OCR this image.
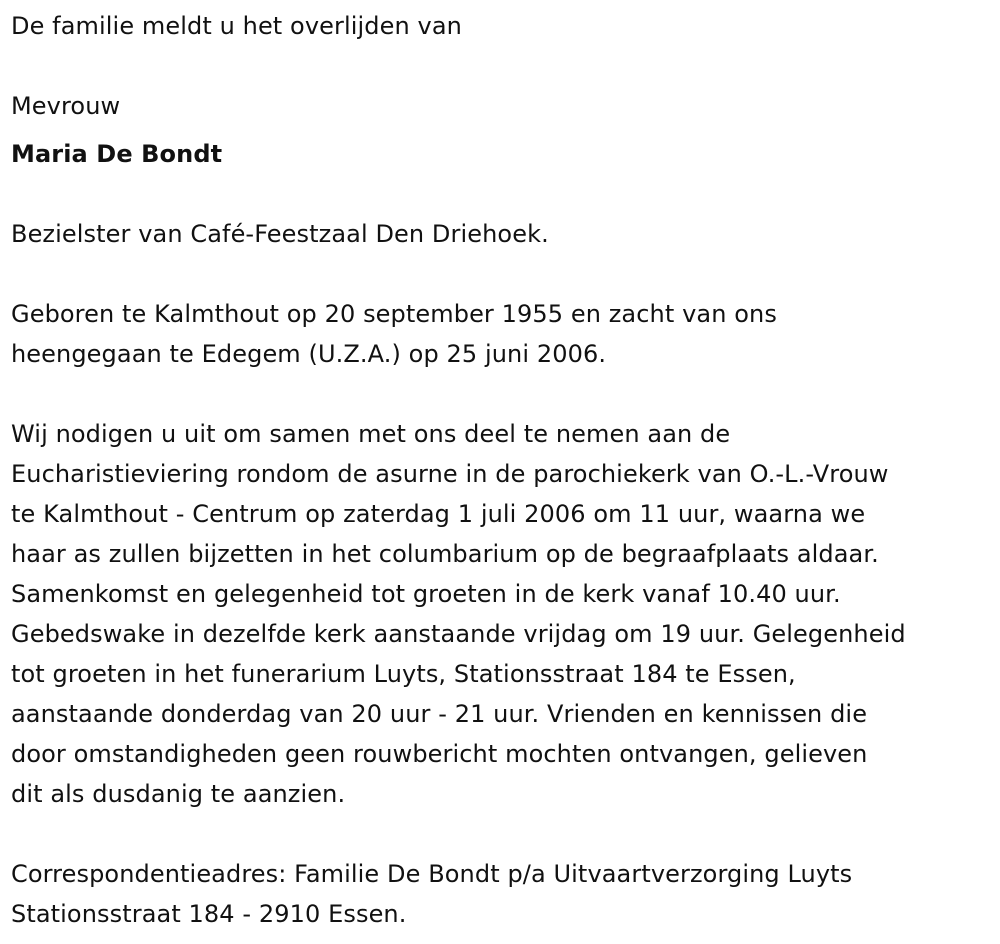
De familie meldt u het overlijden van

Mevrouw

Maria De Bondt

Bezielster van Café-Feestzaal Den Driehoek.

Geboren te Kalmthout op 20 september 1955 en zacht van ons

heengegaan te Edegem (U.Z.A.) op 25 juni 2006.

Wij nodigen u uit om samen met ons deel te nemen aan de

Eucharistieviering rondom de asurne in de parochiekerk van O.-L.-Vrouw

te Kalmthout - Centrum op zaterdag 1 juli 2006 om 11 uur, waarna we

haar as zullen bijzetten in het columbarium op de begraafplaats aldaar.

Samenkomst en gelegenheid tot groeten in de kerk vanaf 10.40 uur.

Gebedswake in dezelfde kerk aanstaande vrijdag om 19 uur. Gelegenheid

tot groeten in het funerarium Luyts, Stationsstraat 184 te Essen,

aanstaande donderdag van 20 uur - 21 uur. Vrienden en kennissen die

door omstandigheden geen rouwbericht mochten ontvangen, gelieven

dit als dusdanig te aanzien.

Correspondentieadres: Familie De Bondt p/a Uitvaartverzorging Luyts

Stationsstraat 184 - 2910 Essen.
